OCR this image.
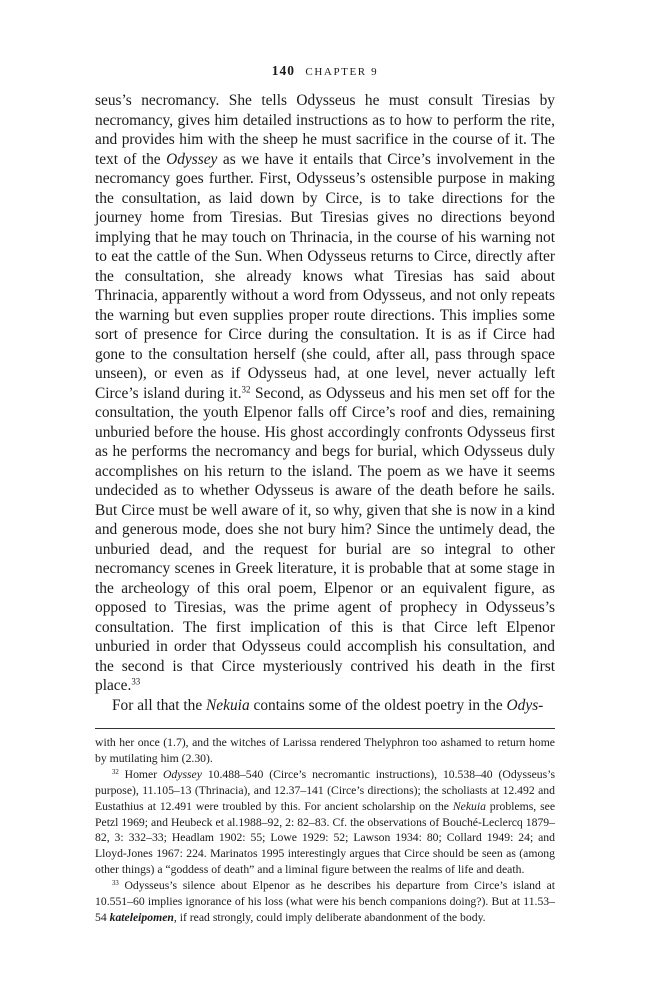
140 CHAPTER 9

seus’s necromancy. She tells Odysseus he must consult Tiresias by necromancy, gives him detailed instructions as to how to perform the rite, and provides him with the sheep he must sacrifice in the course of it. The text of the Odyssey as we have it entails that Circe’s involvement in the necromancy goes further. First, Odysseus’s ostensible purpose in making the consultation, as laid down by Circe, is to take directions for the journey home from Tiresias. But Tiresias gives no directions beyond implying that he may touch on Thrinacia, in the course of his warning not to eat the cattle of the Sun. When Odysseus returns to Circe, directly after the consultation, she already knows what Tiresias has said about Thrinacia, apparently without a word from Odysseus, and not only repeats the warning but even supplies proper route directions. This implies some sort of presence for Circe during the consultation. It is as if Circe had gone to the consultation herself (she could, after all, pass through space unseen), or even as if Odysseus had, at one level, never actually left Circe’s island during it.$^{32}$ Second, as Odysseus and his men set off for the consultation, the youth Elpenor falls off Circe’s roof and dies, remaining unburied before the house. His ghost accordingly confronts Odysseus first as he performs the necromancy and begs for burial, which Odysseus duly accomplishes on his return to the island. The poem as we have it seems undecided as to whether Odysseus is aware of the death before he sails. But Circe must be well aware of it, so why, given that she is now in a kind and generous mode, does she not bury him? Since the untimely dead, the unburied dead, and the request for burial are so integral to other necromancy scenes in Greek literature, it is probable that at some stage in the archeology of this oral poem, Elpenor or an equivalent figure, as opposed to Tiresias, was the prime agent of prophecy in Odysseus’s consultation. The first implication of this is that Circe left Elpenor unburied in order that Odysseus could accomplish his consultation, and the second is that Circe mysteriously contrived his death in the first place.$^{33}$

For all that the Nekuia contains some of the oldest poetry in the Odys-

with her once (1.7), and the witches of Larissa rendered Thelyphron too ashamed to return home by mutilating him (2.30).

$^{32}$ Homer Odyssey 10.488–540 (Circe’s necromantic instructions), 10.538–40 (Odysseus’s purpose), 11.105–13 (Thrinacia), and 12.37–141 (Circe’s directions); the scholiasts at 12.492 and Eustathius at 12.491 were troubled by this. For ancient scholarship on the Nekuia problems, see Petzl 1969; and Heubeck et al.1988–92, 2: 82–83. Cf. the observations of Bouché-Leclercq 1879–82, 3: 332–33; Headlam 1902: 55; Lowe 1929: 52; Lawson 1934: 80; Collard 1949: 24; and Lloyd-Jones 1967: 224. Marinatos 1995 interestingly argues that Circe should be seen as (among other things) a “goddess of death” and a liminal figure between the realms of life and death.

$^{33}$ Odysseus’s silence about Elpenor as he describes his departure from Circe’s island at 10.551–60 implies ignorance of his loss (what were his bench companions doing?). But at 11.53–54 kateleipomen, if read strongly, could imply deliberate abandonment of the body.
